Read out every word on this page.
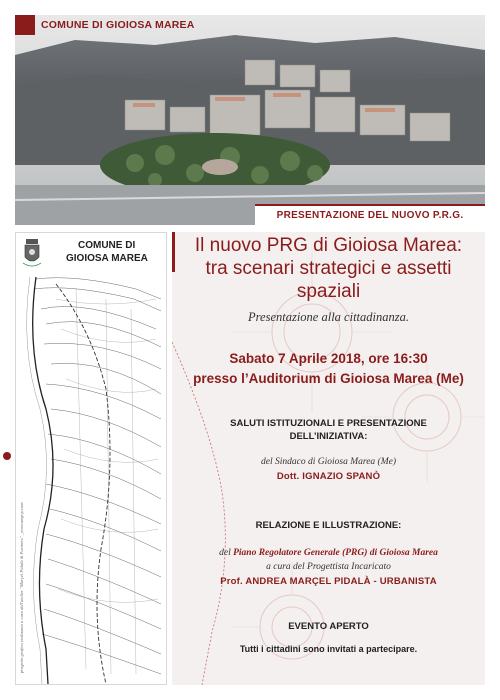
COMUNE DI GIOIOSA MAREA
PRESENTAZIONE DEL NUOVO P.R.G.
COMUNE DI
GIOIOSA MAREA
progetto grafico realizzato a cura dell'atelier "Marçel Pidalà & Partners" _www.amp-p.com
Il nuovo PRG di Gioiosa Marea:
tra scenari strategici e assetti spaziali
Presentazione alla cittadinanza.
Sabato 7 Aprile 2018, ore 16:30
presso l’Auditorium di Gioiosa Marea (Me)
SALUTI ISTITUZIONALI E PRESENTAZIONE
DELL’INIZIATIVA:
del Sindaco di Gioiosa Marea (Me)
Dott. IGNAZIO SPANÒ
RELAZIONE E ILLUSTRAZIONE:
del Piano Regolatore Generale (PRG) di Gioiosa Marea
a cura del Progettista Incaricato
Prof. ANDREA MARÇEL PIDALÀ - URBANISTA
EVENTO APERTO
Tutti i cittadini sono invitati a partecipare.
